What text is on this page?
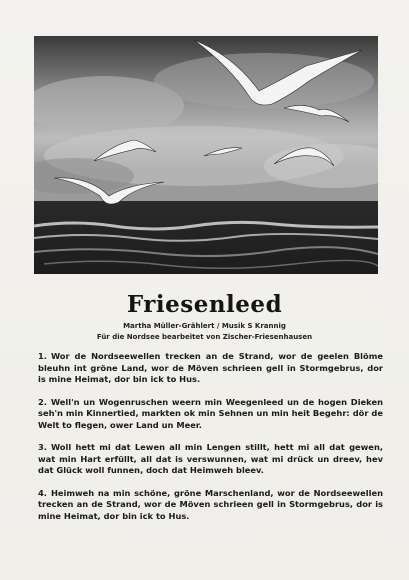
Friesenleed
Martha Müller-Grählert / Musik S Krannig
Für die Nordsee bearbeitet von Zischer-Friesenhausen

1. Wor de Nordseewellen trecken an de Strand, wor de geelen Blöme bleuhn int gröne Land, wor de Möven schrieen gell in Stormgebrus, dor is mine Heimat, dor bin ick to Hus.

2. Well'n un Wogenruschen weern min Weegenleed un de hogen Dieken seh'n min Kinnertied, markten ok min Sehnen un min heit Begehr: dör de Welt to flegen, ower Land un Meer.

3. Woll hett mi dat Lewen all min Lengen stillt, hett mi all dat gewen, wat min Hart erfüllt, all dat is verswunnen, wat mi drück un dreev, hev dat Glück woll funnen, doch dat Heimweh bleev.

4. Heimweh na min schöne, gröne Marschenland, wor de Nordseewellen trecken an de Strand, wor de Möven schrieen gell in Stormgebrus, dor is mine Heimat, dor bin ick to Hus.
